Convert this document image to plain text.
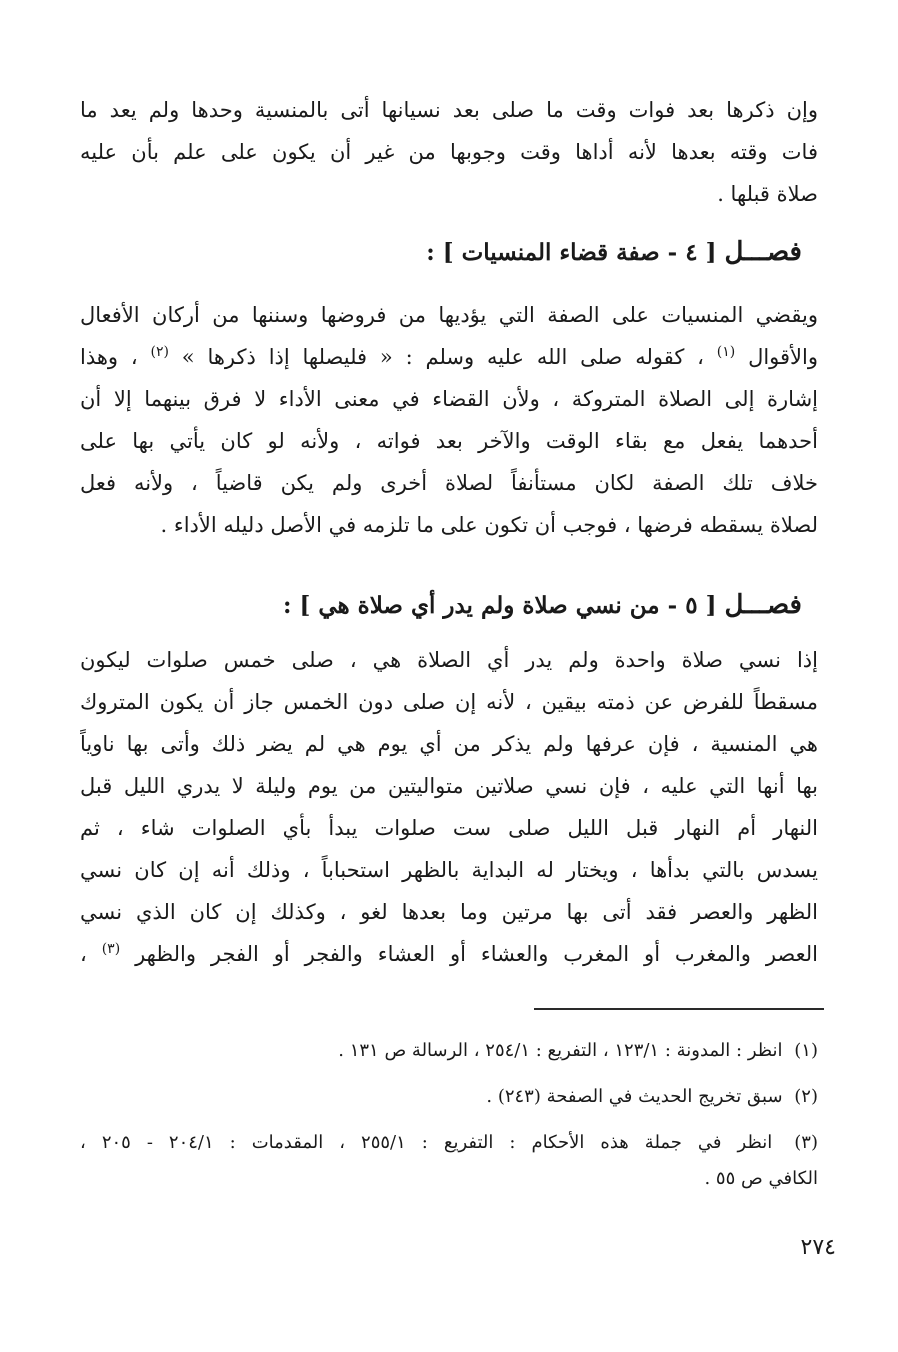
وإن ذكرها بعد فوات وقت ما صلى بعد نسيانها أتى بالمنسية وحدها ولم يعد ما
فات وقته بعدها لأنه أداها وقت وجوبها من غير أن يكون على علم بأن عليه
صلاة قبلها .
فصـــل [ ٤ - صفة قضاء المنسيات ] :
ويقضي المنسيات على الصفة التي يؤديها من فروضها وسننها من أركان الأفعال
والأقوال $^{(١)}$ ، كقوله صلى الله عليه وسلم : « فليصلها إذا ذكرها » $^{(٢)}$ ، وهذا
إشارة إلى الصلاة المتروكة ، ولأن القضاء في معنى الأداء لا فرق بينهما إلا أن
أحدهما يفعل مع بقاء الوقت والآخر بعد فواته ، ولأنه لو كان يأتي بها على
خلاف تلك الصفة لكان مستأنفاً لصلاة أخرى ولم يكن قاضياً ، ولأنه فعل
لصلاة يسقطه فرضها ، فوجب أن تكون على ما تلزمه في الأصل دليله الأداء .
فصـــل [ ٥ - من نسي صلاة ولم يدر أي صلاة هي ] :
إذا نسي صلاة واحدة ولم يدر أي الصلاة هي ، صلى خمس صلوات ليكون
مسقطاً للفرض عن ذمته بيقين ، لأنه إن صلى دون الخمس جاز أن يكون المتروك
هي المنسية ، فإن عرفها ولم يذكر من أي يوم هي لم يضر ذلك وأتى بها ناوياً
بها أنها التي عليه ، فإن نسي صلاتين متواليتين من يوم وليلة لا يدري الليل قبل
النهار أم النهار قبل الليل صلى ست صلوات يبدأ بأي الصلوات شاء ، ثم
يسدس بالتي بدأها ، ويختار له البداية بالظهر استحباباً ، وذلك أنه إن كان نسي
الظهر والعصر فقد أتى بها مرتين وما بعدها لغو ، وكذلك إن كان الذي نسي
العصر والمغرب أو المغرب والعشاء أو العشاء والفجر أو الفجر والظهر $^{(٣)}$ ،
(١) انظر : المدونة : ١٢٣/١ ، التفريع : ٢٥٤/١ ، الرسالة ص ١٣١ .
(٢) سبق تخريج الحديث في الصفحة (٢٤٣) .
(٣) انظر في جملة هذه الأحكام : التفريع : ٢٥٥/١ ، المقدمات : ٢٠٤/١ - ٢٠٥ ،
الكافي ص ٥٥ .
٢٧٤
